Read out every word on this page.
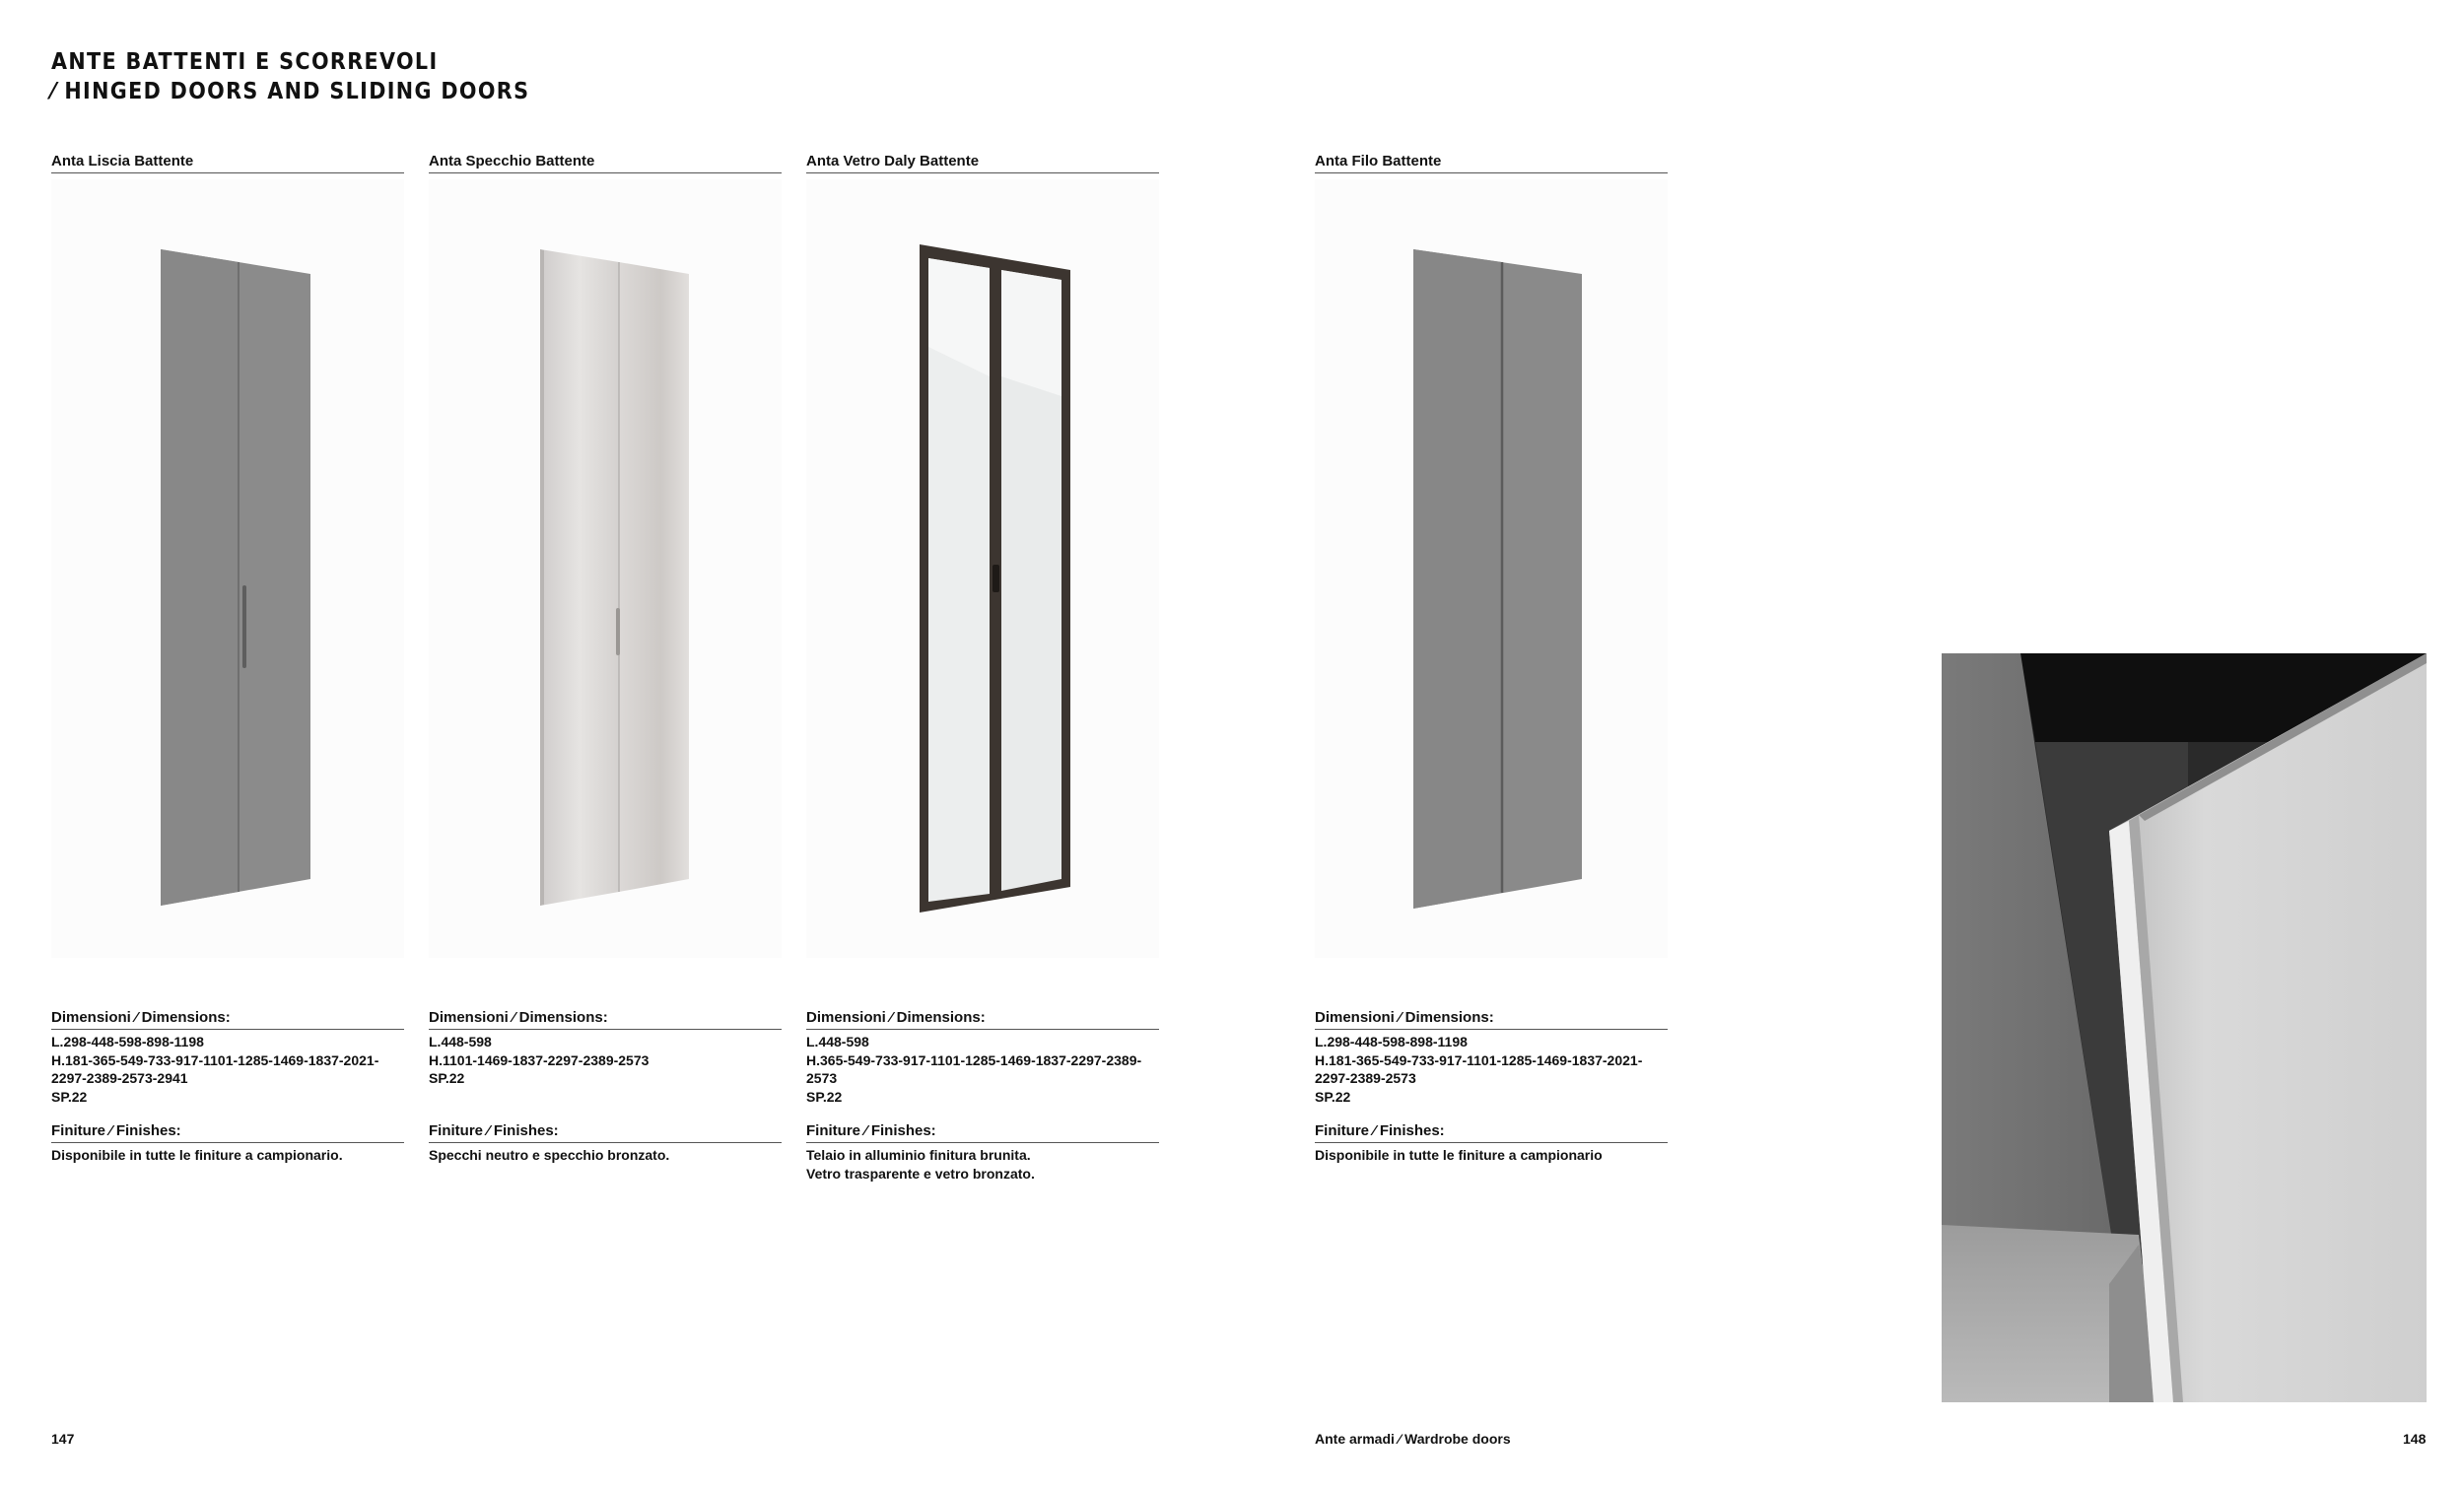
ANTE BATTENTI E SCORREVOLI
⁄ HINGED DOORS AND SLIDING DOORS
Anta Liscia Battente
Dimensioni ⁄ Dimensions:
L.298-448-598-898-1198
H.181-365-549-733-917-1101-1285-1469-1837-2021-
2297-2389-2573-2941
SP.22
Finiture ⁄ Finishes:
Disponibile in tutte le finiture a campionario.
Anta Specchio Battente
Dimensioni ⁄ Dimensions:
L.448-598
H.1101-1469-1837-2297-2389-2573
SP.22
Finiture ⁄ Finishes:
Specchi neutro e specchio bronzato.
Anta Vetro Daly Battente
Dimensioni ⁄ Dimensions:
L.448-598
H.365-549-733-917-1101-1285-1469-1837-2297-2389-
2573
SP.22
Finiture ⁄ Finishes:
Telaio in alluminio finitura brunita.
Vetro trasparente e vetro bronzato.
Anta Filo Battente
Dimensioni ⁄ Dimensions:
L.298-448-598-898-1198
H.181-365-549-733-917-1101-1285-1469-1837-2021-
2297-2389-2573
SP.22
Finiture ⁄ Finishes:
Disponibile in tutte le finiture a campionario
147	Ante armadi ⁄ Wardrobe doors	148
